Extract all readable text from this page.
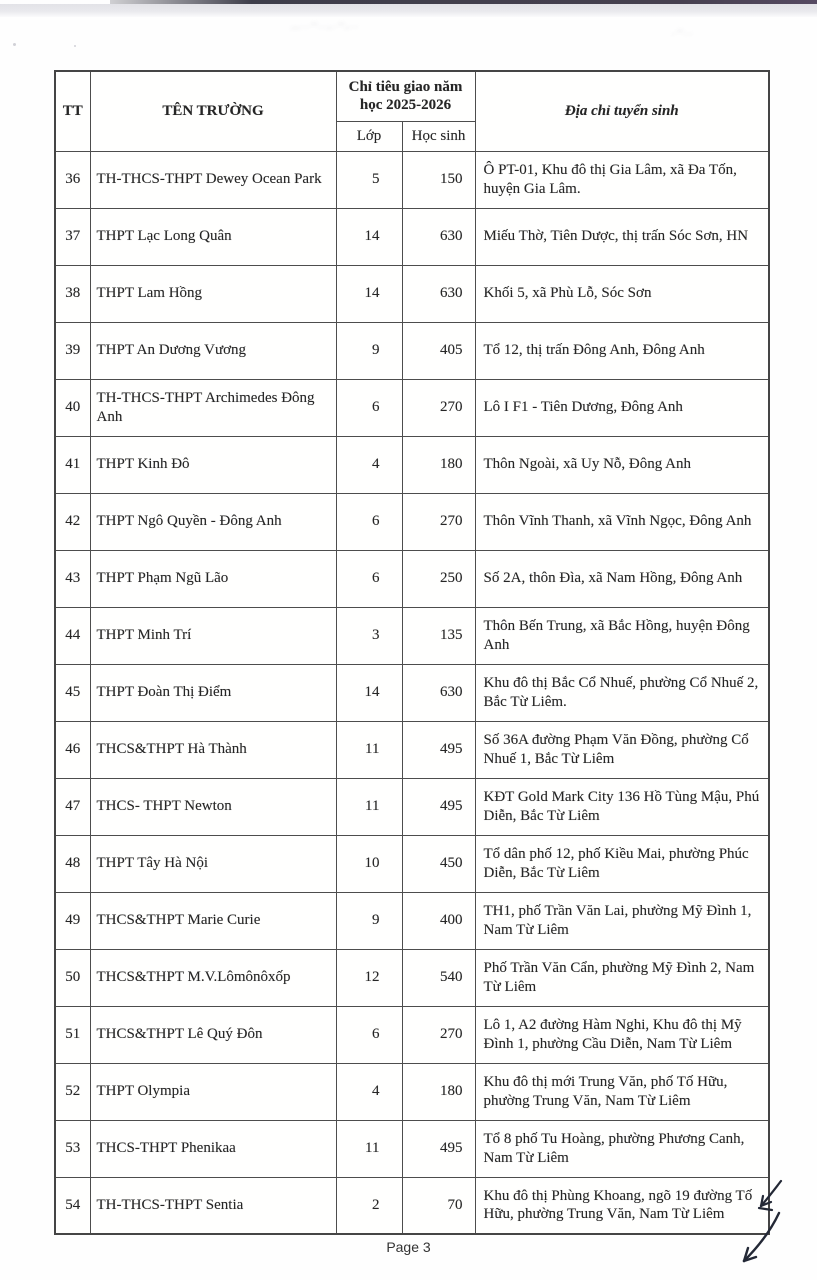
,,..~..,.~,..
.~..
TT	TÊN TRƯỜNG	Chỉ tiêu giao năm học 2025-2026		Địa chỉ tuyển sinh
		Lớp	Học sinh	
36	TH-THCS-THPT Dewey Ocean Park	5	150	Ô PT-01, Khu đô thị Gia Lâm, xã Đa Tốn, huyện Gia Lâm.
37	THPT Lạc Long Quân	14	630	Miếu Thờ, Tiên Dược, thị trấn Sóc Sơn, HN
38	THPT Lam Hồng	14	630	Khối 5, xã Phù Lỗ, Sóc Sơn
39	THPT An Dương Vương	9	405	Tổ 12, thị trấn Đông Anh, Đông Anh
40	TH-THCS-THPT Archimedes Đông Anh	6	270	Lô I F1 - Tiên Dương, Đông Anh
41	THPT Kinh Đô	4	180	Thôn Ngoài, xã Uy Nỗ, Đông Anh
42	THPT Ngô Quyền - Đông Anh	6	270	Thôn Vĩnh Thanh, xã Vĩnh Ngọc, Đông Anh
43	THPT Phạm Ngũ Lão	6	250	Số 2A, thôn Đìa, xã Nam Hồng, Đông Anh
44	THPT Minh Trí	3	135	Thôn Bến Trung, xã Bắc Hồng, huyện Đông Anh
45	THPT Đoàn Thị Điểm	14	630	Khu đô thị Bắc Cổ Nhuế, phường Cổ Nhuế 2, Bắc Từ Liêm.
46	THCS&THPT Hà Thành	11	495	Số 36A đường Phạm Văn Đồng, phường Cổ Nhuế 1, Bắc Từ Liêm
47	THCS- THPT Newton	11	495	KĐT Gold Mark City 136 Hồ Tùng Mậu, Phú Diễn, Bắc Từ Liêm
48	THPT Tây Hà Nội	10	450	Tổ dân phố 12, phố Kiều Mai, phường Phúc Diễn, Bắc Từ Liêm
49	THCS&THPT Marie Curie	9	400	TH1, phố Trần Văn Lai, phường Mỹ Đình 1, Nam Từ Liêm
50	THCS&THPT M.V.Lômônôxốp	12	540	Phố Trần Văn Cẩn, phường Mỹ Đình 2, Nam Từ Liêm
51	THCS&THPT Lê Quý Đôn	6	270	Lô 1, A2 đường Hàm Nghi, Khu đô thị Mỹ Đình 1, phường Cầu Diễn, Nam Từ Liêm
52	THPT Olympia	4	180	Khu đô thị mới Trung Văn, phố Tố Hữu, phường Trung Văn, Nam Từ Liêm
53	THCS-THPT Phenikaa	11	495	Tổ 8 phố Tu Hoàng, phường Phương Canh, Nam Từ Liêm
54	TH-THCS-THPT Sentia	2	70	Khu đô thị Phùng Khoang, ngõ 19 đường Tố Hữu, phường Trung Văn, Nam Từ Liêm
Page 3
